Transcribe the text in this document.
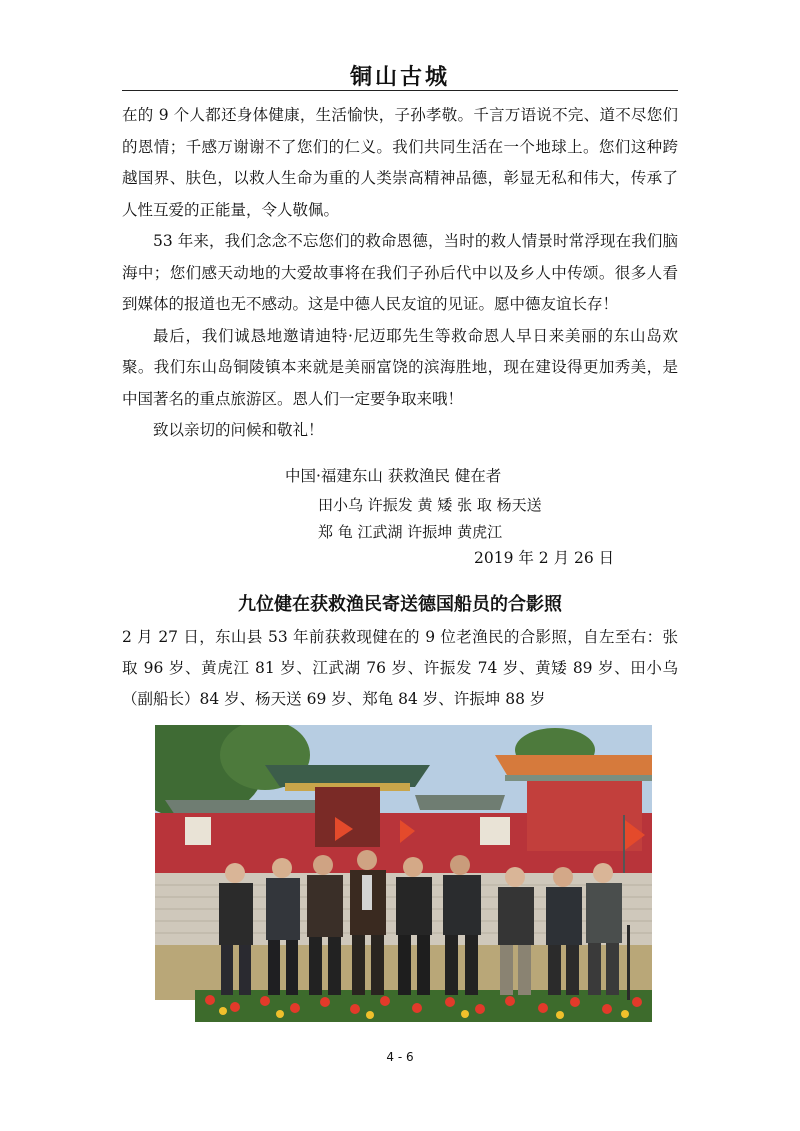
铜山古城

在的 9 个人都还身体健康，生活愉快，子孙孝敬。千言万语说不完、道不尽您们的恩情；千感万谢谢不了您们的仁义。我们共同生活在一个地球上。您们这种跨越国界、肤色，以救人生命为重的人类崇高精神品德，彰显无私和伟大，传承了人性互爱的正能量，令人敬佩。

53 年来，我们念念不忘您们的救命恩德，当时的救人情景时常浮现在我们脑海中；您们感天动地的大爱故事将在我们子孙后代中以及乡人中传颂。很多人看到媒体的报道也无不感动。这是中德人民友谊的见证。愿中德友谊长存！

最后，我们诚恳地邀请迪特·尼迈耶先生等救命恩人早日来美丽的东山岛欢聚。我们东山岛铜陵镇本来就是美丽富饶的滨海胜地，现在建设得更加秀美，是中国著名的重点旅游区。恩人们一定要争取来哦！

致以亲切的问候和敬礼！

中国·福建东山 获救渔民 健在者
田小乌 许振发 黄 矮 张 取 杨天送
郑 龟 江武湖 许振坤 黄虎江
2019 年 2 月 26 日
九位健在获救渔民寄送德国船员的合影照
2 月 27 日，东山县 53 年前获救现健在的 9 位老渔民的合影照，自左至右：张取 96 岁、黄虎江 81 岁、江武湖 76 岁、许振发 74 岁、黄矮 89 岁、田小乌（副船长）84 岁、杨天送 69 岁、郑龟 84 岁、许振坤 88 岁
4 - 6
